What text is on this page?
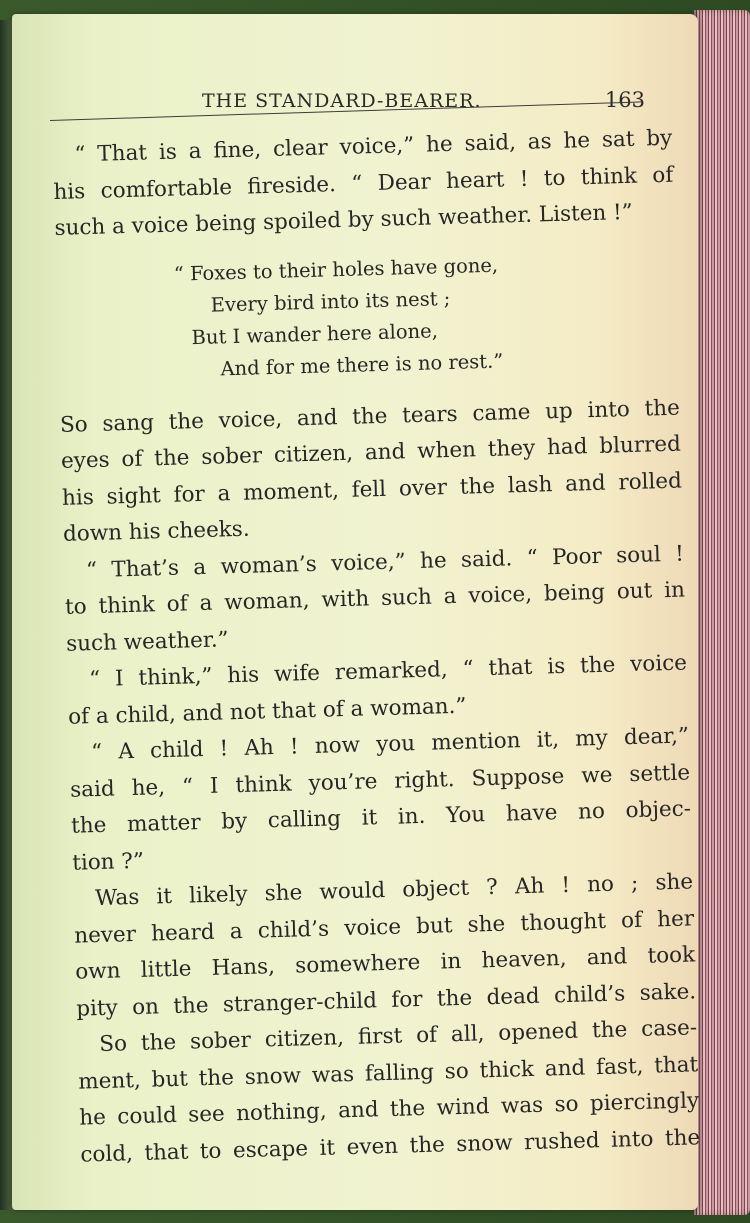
THE STANDARD-BEARER.	163
“ That is a fine, clear voice,” he said, as he sat by
his comfortable fireside. “ Dear heart ! to think of
such a voice being spoiled by such weather. Listen !”
“ Foxes to their holes have gone,
Every bird into its nest ;
But I wander here alone,
And for me there is no rest.”
So sang the voice, and the tears came up into the
eyes of the sober citizen, and when they had blurred
his sight for a moment, fell over the lash and rolled
down his cheeks.
“ That’s a woman’s voice,” he said. “ Poor soul !
to think of a woman, with such a voice, being out in
such weather.”
“ I think,” his wife remarked, “ that is the voice
of a child, and not that of a woman.”
“ A child ! Ah ! now you mention it, my dear,”
said he, “ I think you’re right. Suppose we settle
the matter by calling it in. You have no objec-
tion ?”
Was it likely she would object ? Ah ! no ; she
never heard a child’s voice but she thought of her
own little Hans, somewhere in heaven, and took
pity on the stranger-child for the dead child’s sake.
So the sober citizen, first of all, opened the case-
ment, but the snow was falling so thick and fast, that
he could see nothing, and the wind was so piercingly
cold, that to escape it even the snow rushed into the
